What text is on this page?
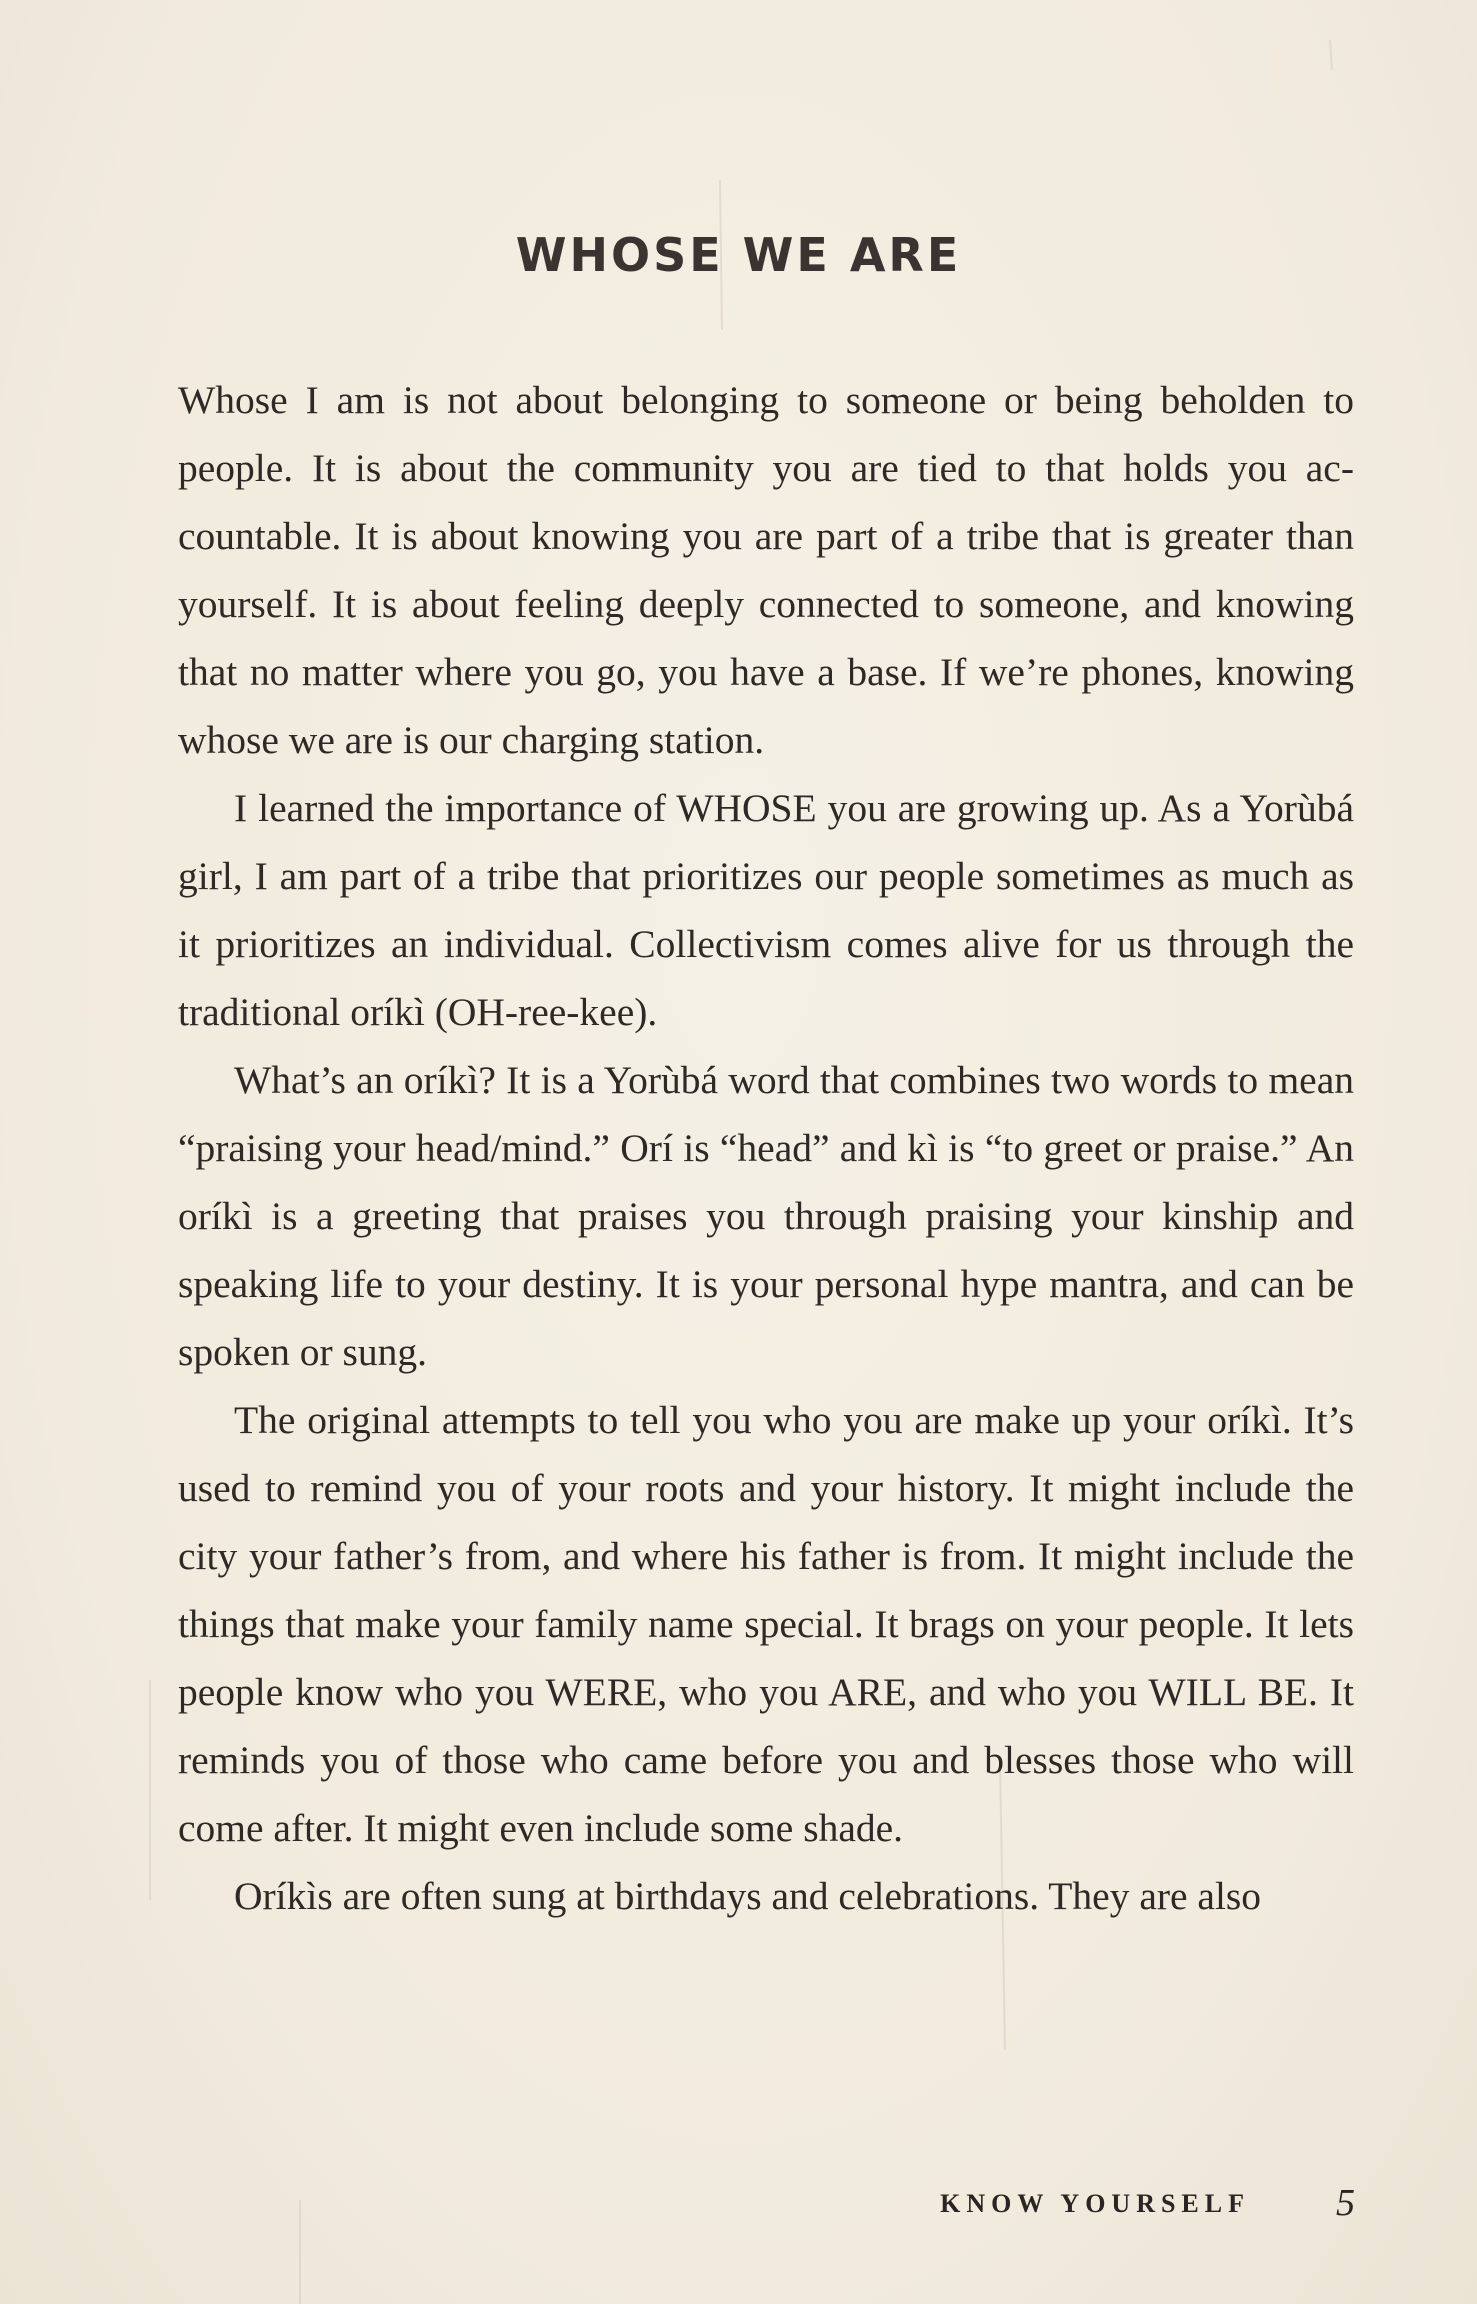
WHOSE WE ARE

Whose I am is not about belonging to someone or being beholden to people. It is about the community you are tied to that holds you accountable. It is about knowing you are part of a tribe that is greater than yourself. It is about feeling deeply connected to someone, and knowing that no matter where you go, you have a base. If we’re phones, knowing whose we are is our charging station.

I learned the importance of WHOSE you are growing up. As a Yorùbá girl, I am part of a tribe that prioritizes our people sometimes as much as it prioritizes an individual. Collectivism comes alive for us through the traditional oríkì (OH-ree-kee).

What’s an oríkì? It is a Yorùbá word that combines two words to mean “praising your head/mind.” Orí is “head” and kì is “to greet or praise.” An oríkì is a greeting that praises you through praising your kinship and speaking life to your destiny. It is your personal hype mantra, and can be spoken or sung.

The original attempts to tell you who you are make up your oríkì. It’s used to remind you of your roots and your history. It might include the city your father’s from, and where his father is from. It might include the things that make your family name special. It brags on your people. It lets people know who you WERE, who you ARE, and who you WILL BE. It reminds you of those who came before you and blesses those who will come after. It might even include some shade.

Oríkìs are often sung at birthdays and celebrations. They are also

KNOW YOURSELF 5
